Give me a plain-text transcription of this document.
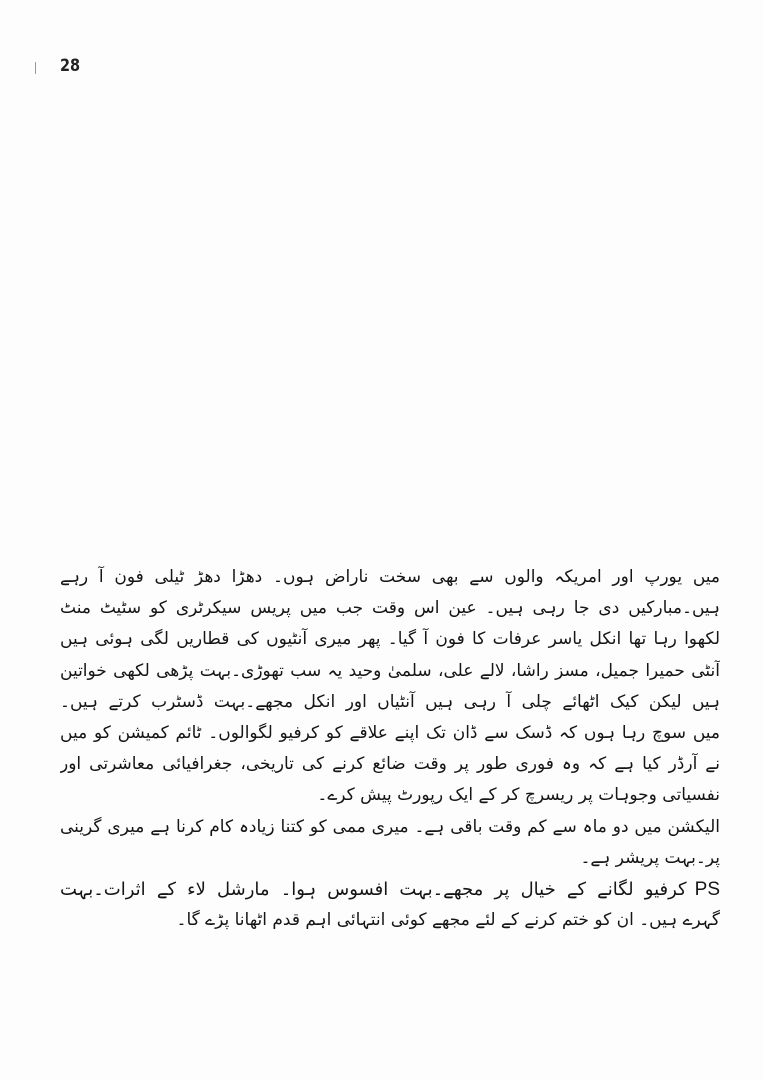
28
میں یورپ اور امریکہ والوں سے بھی سخت ناراض ہوں۔ دھڑا دھڑ ٹیلی فون آ رہے
ہیں۔مبارکیں دی جا رہی ہیں۔ عین اس وقت جب میں پریس سیکرٹری کو سٹیٹ منٹ
لکھوا رہا تھا انکل یاسر عرفات کا فون آ گیا۔ پھر میری آنٹیوں کی قطاریں لگی ہوئی ہیں
آنٹی حمیرا جمیل، مسز راشا، لالے علی، سلمیٰ وحید یہ سب تھوڑی۔بہت پڑھی لکھی خواتین
ہیں لیکن کیک اٹھائے چلی آ رہی ہیں آنٹیاں اور انکل مجھے۔بہت ڈسٹرب کرتے ہیں۔
میں سوچ رہا ہوں کہ ڈسک سے ڈان تک اپنے علاقے کو کرفیو لگوالوں۔ ٹائم کمیشن کو میں
نے آرڈر کیا ہے کہ وہ فوری طور پر وقت ضائع کرنے کی تاریخی، جغرافیائی معاشرتی اور
نفسیاتی وجوہات پر ریسرچ کر کے ایک رپورٹ پیش کرے۔
الیکشن میں دو ماہ سے کم وقت باقی ہے۔ میری ممی کو کتنا زیادہ کام کرنا ہے میری گرینی
پر۔بہت پریشر ہے۔
PSکرفیو لگانے کے خیال پر مجھے۔بہت افسوس ہوا۔ مارشل لاء کے اثرات۔بہت
گہرے ہیں۔ ان کو ختم کرنے کے لئے مجھے کوئی انتہائی اہم قدم اٹھانا پڑے گا۔
